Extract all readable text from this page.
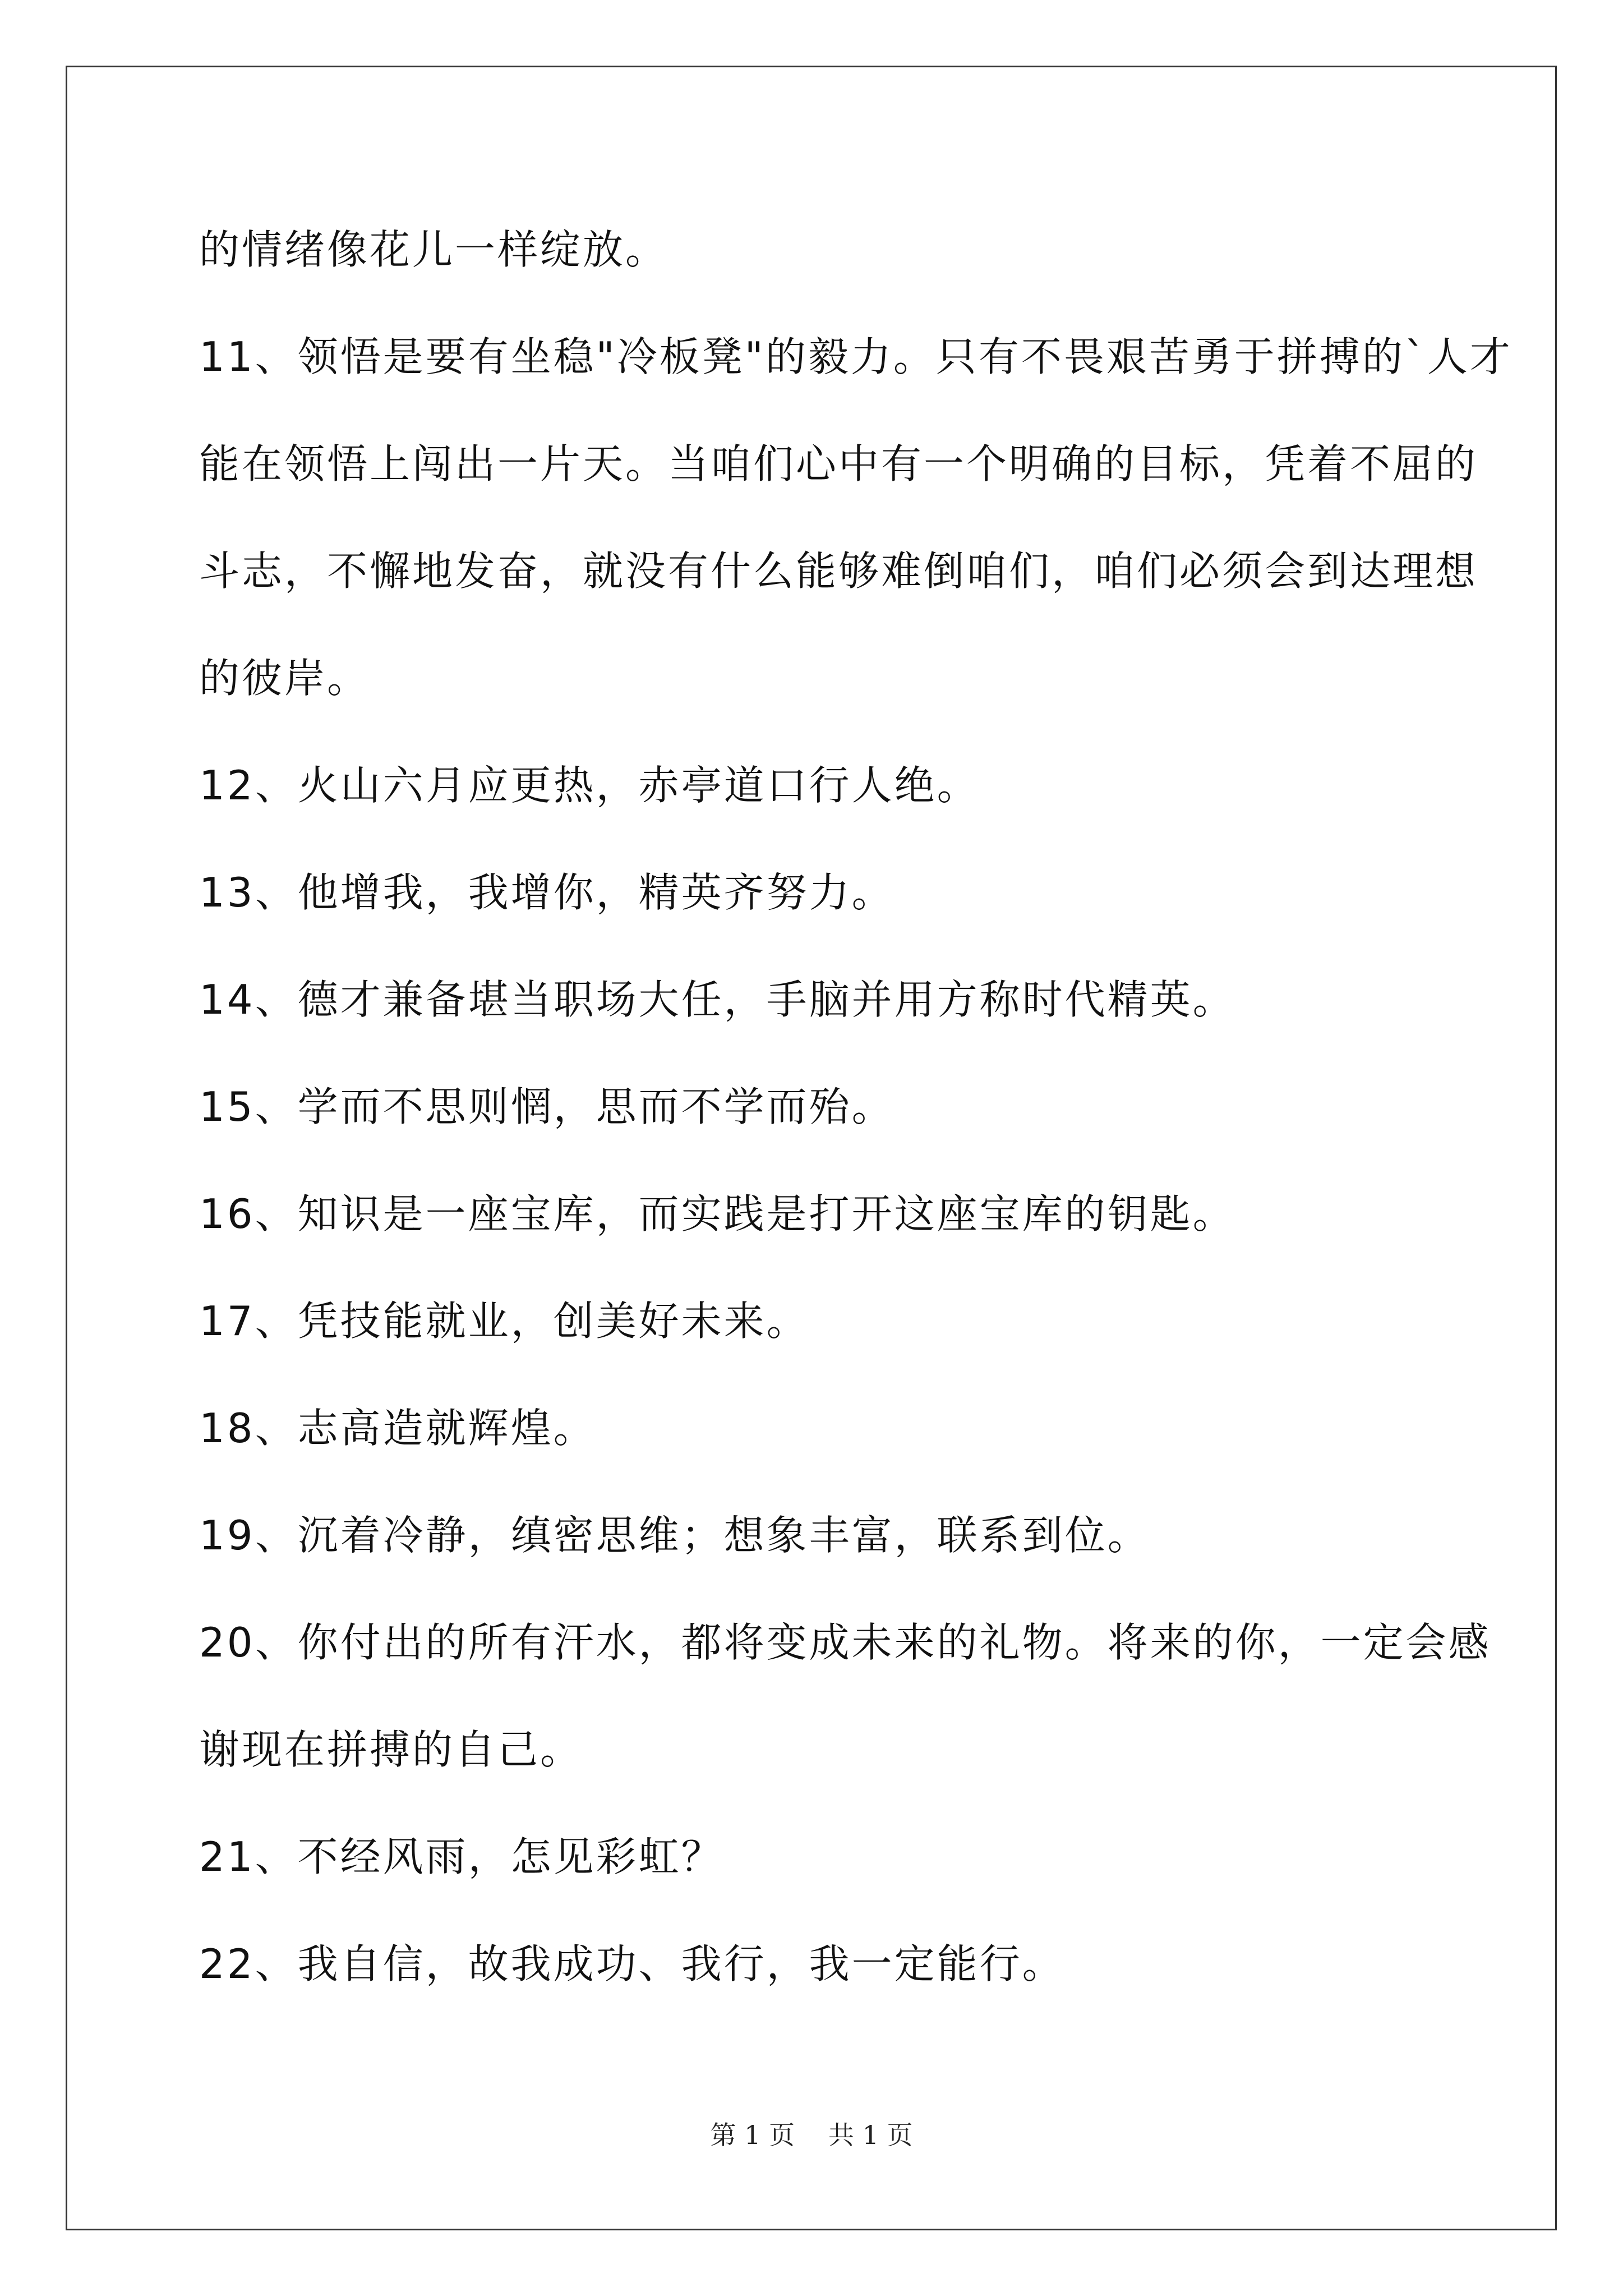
的情绪像花儿一样绽放。
11、领悟是要有坐稳"冷板凳"的毅力。只有不畏艰苦勇于拼搏的`人才
能在领悟上闯出一片天。当咱们心中有一个明确的目标，凭着不屈的
斗志，不懈地发奋，就没有什么能够难倒咱们，咱们必须会到达理想
的彼岸。
12、火山六月应更热，赤亭道口行人绝。
13、他增我，我增你，精英齐努力。
14、德才兼备堪当职场大任，手脑并用方称时代精英。
15、学而不思则惘，思而不学而殆。
16、知识是一座宝库，而实践是打开这座宝库的钥匙。
17、凭技能就业，创美好未来。
18、志高造就辉煌。
19、沉着冷静，缜密思维；想象丰富，联系到位。
20、你付出的所有汗水，都将变成未来的礼物。将来的你，一定会感
谢现在拼搏的自己。
21、不经风雨，怎见彩虹？
22、我自信，故我成功、我行，我一定能行。
第 1 页 共 1 页
